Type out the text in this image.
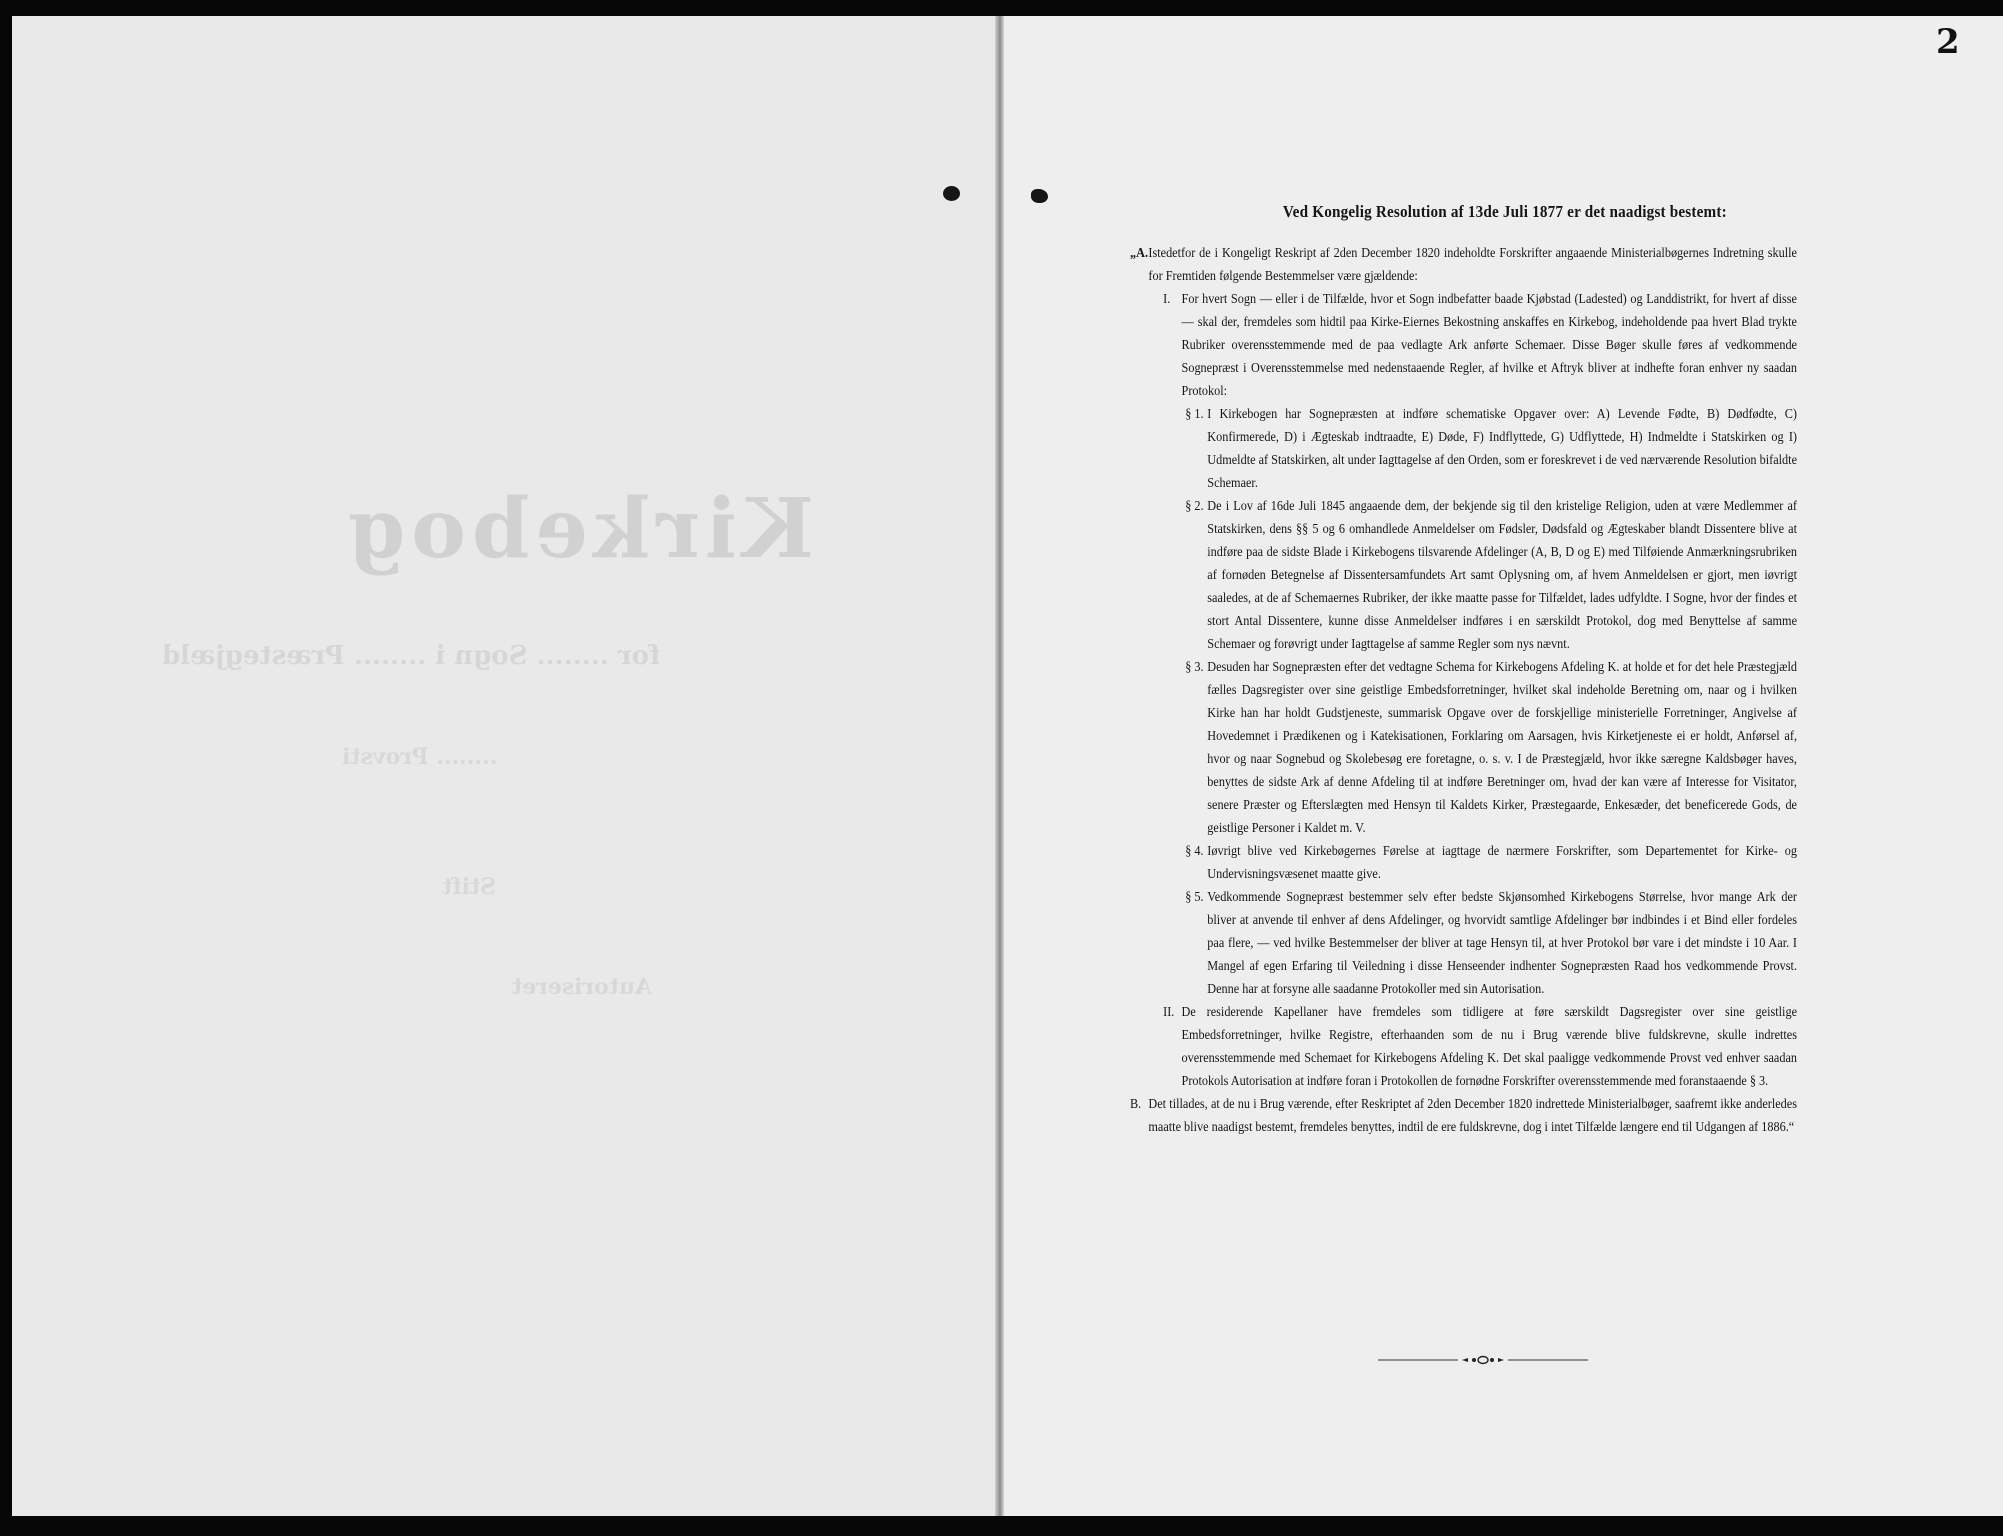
Kirkebog
for ........ Sogn i ........ Præstegjæld
........ Provsti
Stift
Autoriseret
2
Ved Kongelig Resolution af 13de Juli 1877 er det naadigst bestemt:
„A. Istedetfor de i Kongeligt Reskript af 2den December 1820 indeholdte Forskrifter angaaende Ministerialbøgernes Indretning skulle for Fremtiden følgende Bestemmelser være gjældende:

I. For hvert Sogn — eller i de Tilfælde, hvor et Sogn indbefatter baade Kjøbstad (Ladested) og Landdistrikt, for hvert af disse — skal der, fremdeles som hidtil paa Kirke-Eiernes Bekostning anskaffes en Kirkebog, indeholdende paa hvert Blad trykte Rubriker overensstemmende med de paa vedlagte Ark anførte Schemaer. Disse Bøger skulle føres af vedkommende Sognepræst i Overensstemmelse med nedenstaaende Regler, af hvilke et Aftryk bliver at indhefte foran enhver ny saadan Protokol:

§ 1. I Kirkebogen har Sognepræsten at indføre schematiske Opgaver over: A) Levende Fødte, B) Dødfødte, C) Konfirmerede, D) i Ægteskab indtraadte, E) Døde, F) Indflyttede, G) Udflyttede, H) Indmeldte i Statskirken og I) Udmeldte af Statskirken, alt under Iagttagelse af den Orden, som er foreskrevet i de ved nærværende Resolution bifaldte Schemaer.

§ 2. De i Lov af 16de Juli 1845 angaaende dem, der bekjende sig til den kristelige Religion, uden at være Medlemmer af Statskirken, dens §§ 5 og 6 omhandlede Anmeldelser om Fødsler, Dødsfald og Ægteskaber blandt Dissentere blive at indføre paa de sidste Blade i Kirkebogens tilsvarende Afdelinger (A, B, D og E) med Tilføiende Anmærkningsrubriken af fornøden Betegnelse af Dissentersamfundets Art samt Oplysning om, af hvem Anmeldelsen er gjort, men iøvrigt saaledes, at de af Schemaernes Rubriker, der ikke maatte passe for Tilfældet, lades udfyldte. I Sogne, hvor der findes et stort Antal Dissentere, kunne disse Anmeldelser indføres i en særskildt Protokol, dog med Benyttelse af samme Schemaer og forøvrigt under Iagttagelse af samme Regler som nys nævnt.

§ 3. Desuden har Sognepræsten efter det vedtagne Schema for Kirkebogens Afdeling K. at holde et for det hele Præstegjæld fælles Dagsregister over sine geistlige Embedsforretninger, hvilket skal indeholde Beretning om, naar og i hvilken Kirke han har holdt Gudstjeneste, summarisk Opgave over de forskjellige ministerielle Forretninger, Angivelse af Hovedemnet i Prædikenen og i Katekisationen, Forklaring om Aarsagen, hvis Kirketjeneste ei er holdt, Anførsel af, hvor og naar Sognebud og Skolebesøg ere foretagne, o. s. v. I de Præstegjæld, hvor ikke særegne Kaldsbøger haves, benyttes de sidste Ark af denne Afdeling til at indføre Beretninger om, hvad der kan være af Interesse for Visitator, senere Præster og Efterslægten med Hensyn til Kaldets Kirker, Præstegaarde, Enkesæder, det beneficerede Gods, de geistlige Personer i Kaldet m. V.

§ 4. Iøvrigt blive ved Kirkebøgernes Førelse at iagttage de nærmere Forskrifter, som Departementet for Kirke- og Undervisningsvæsenet maatte give.

§ 5. Vedkommende Sognepræst bestemmer selv efter bedste Skjønsomhed Kirkebogens Størrelse, hvor mange Ark der bliver at anvende til enhver af dens Afdelinger, og hvorvidt samtlige Afdelinger bør indbindes i et Bind eller fordeles paa flere, — ved hvilke Bestemmelser der bliver at tage Hensyn til, at hver Protokol bør vare i det mindste i 10 Aar. I Mangel af egen Erfaring til Veiledning i disse Henseender indhenter Sognepræsten Raad hos vedkommende Provst. Denne har at forsyne alle saadanne Protokoller med sin Autorisation.

II. De residerende Kapellaner have fremdeles som tidligere at føre særskildt Dagsregister over sine geistlige Embedsforretninger, hvilke Registre, efterhaanden som de nu i Brug værende blive fuldskrevne, skulle indrettes overensstemmende med Schemaet for Kirkebogens Afdeling K. Det skal paaligge vedkommende Provst ved enhver saadan Protokols Autorisation at indføre foran i Protokollen de fornødne Forskrifter overensstemmende med foranstaaende § 3.

B. Det tillades, at de nu i Brug værende, efter Reskriptet af 2den December 1820 indrettede Ministerialbøger, saafremt ikke anderledes maatte blive naadigst bestemt, fremdeles benyttes, indtil de ere fuldskrevne, dog i intet Tilfælde længere end til Udgangen af 1886.“
